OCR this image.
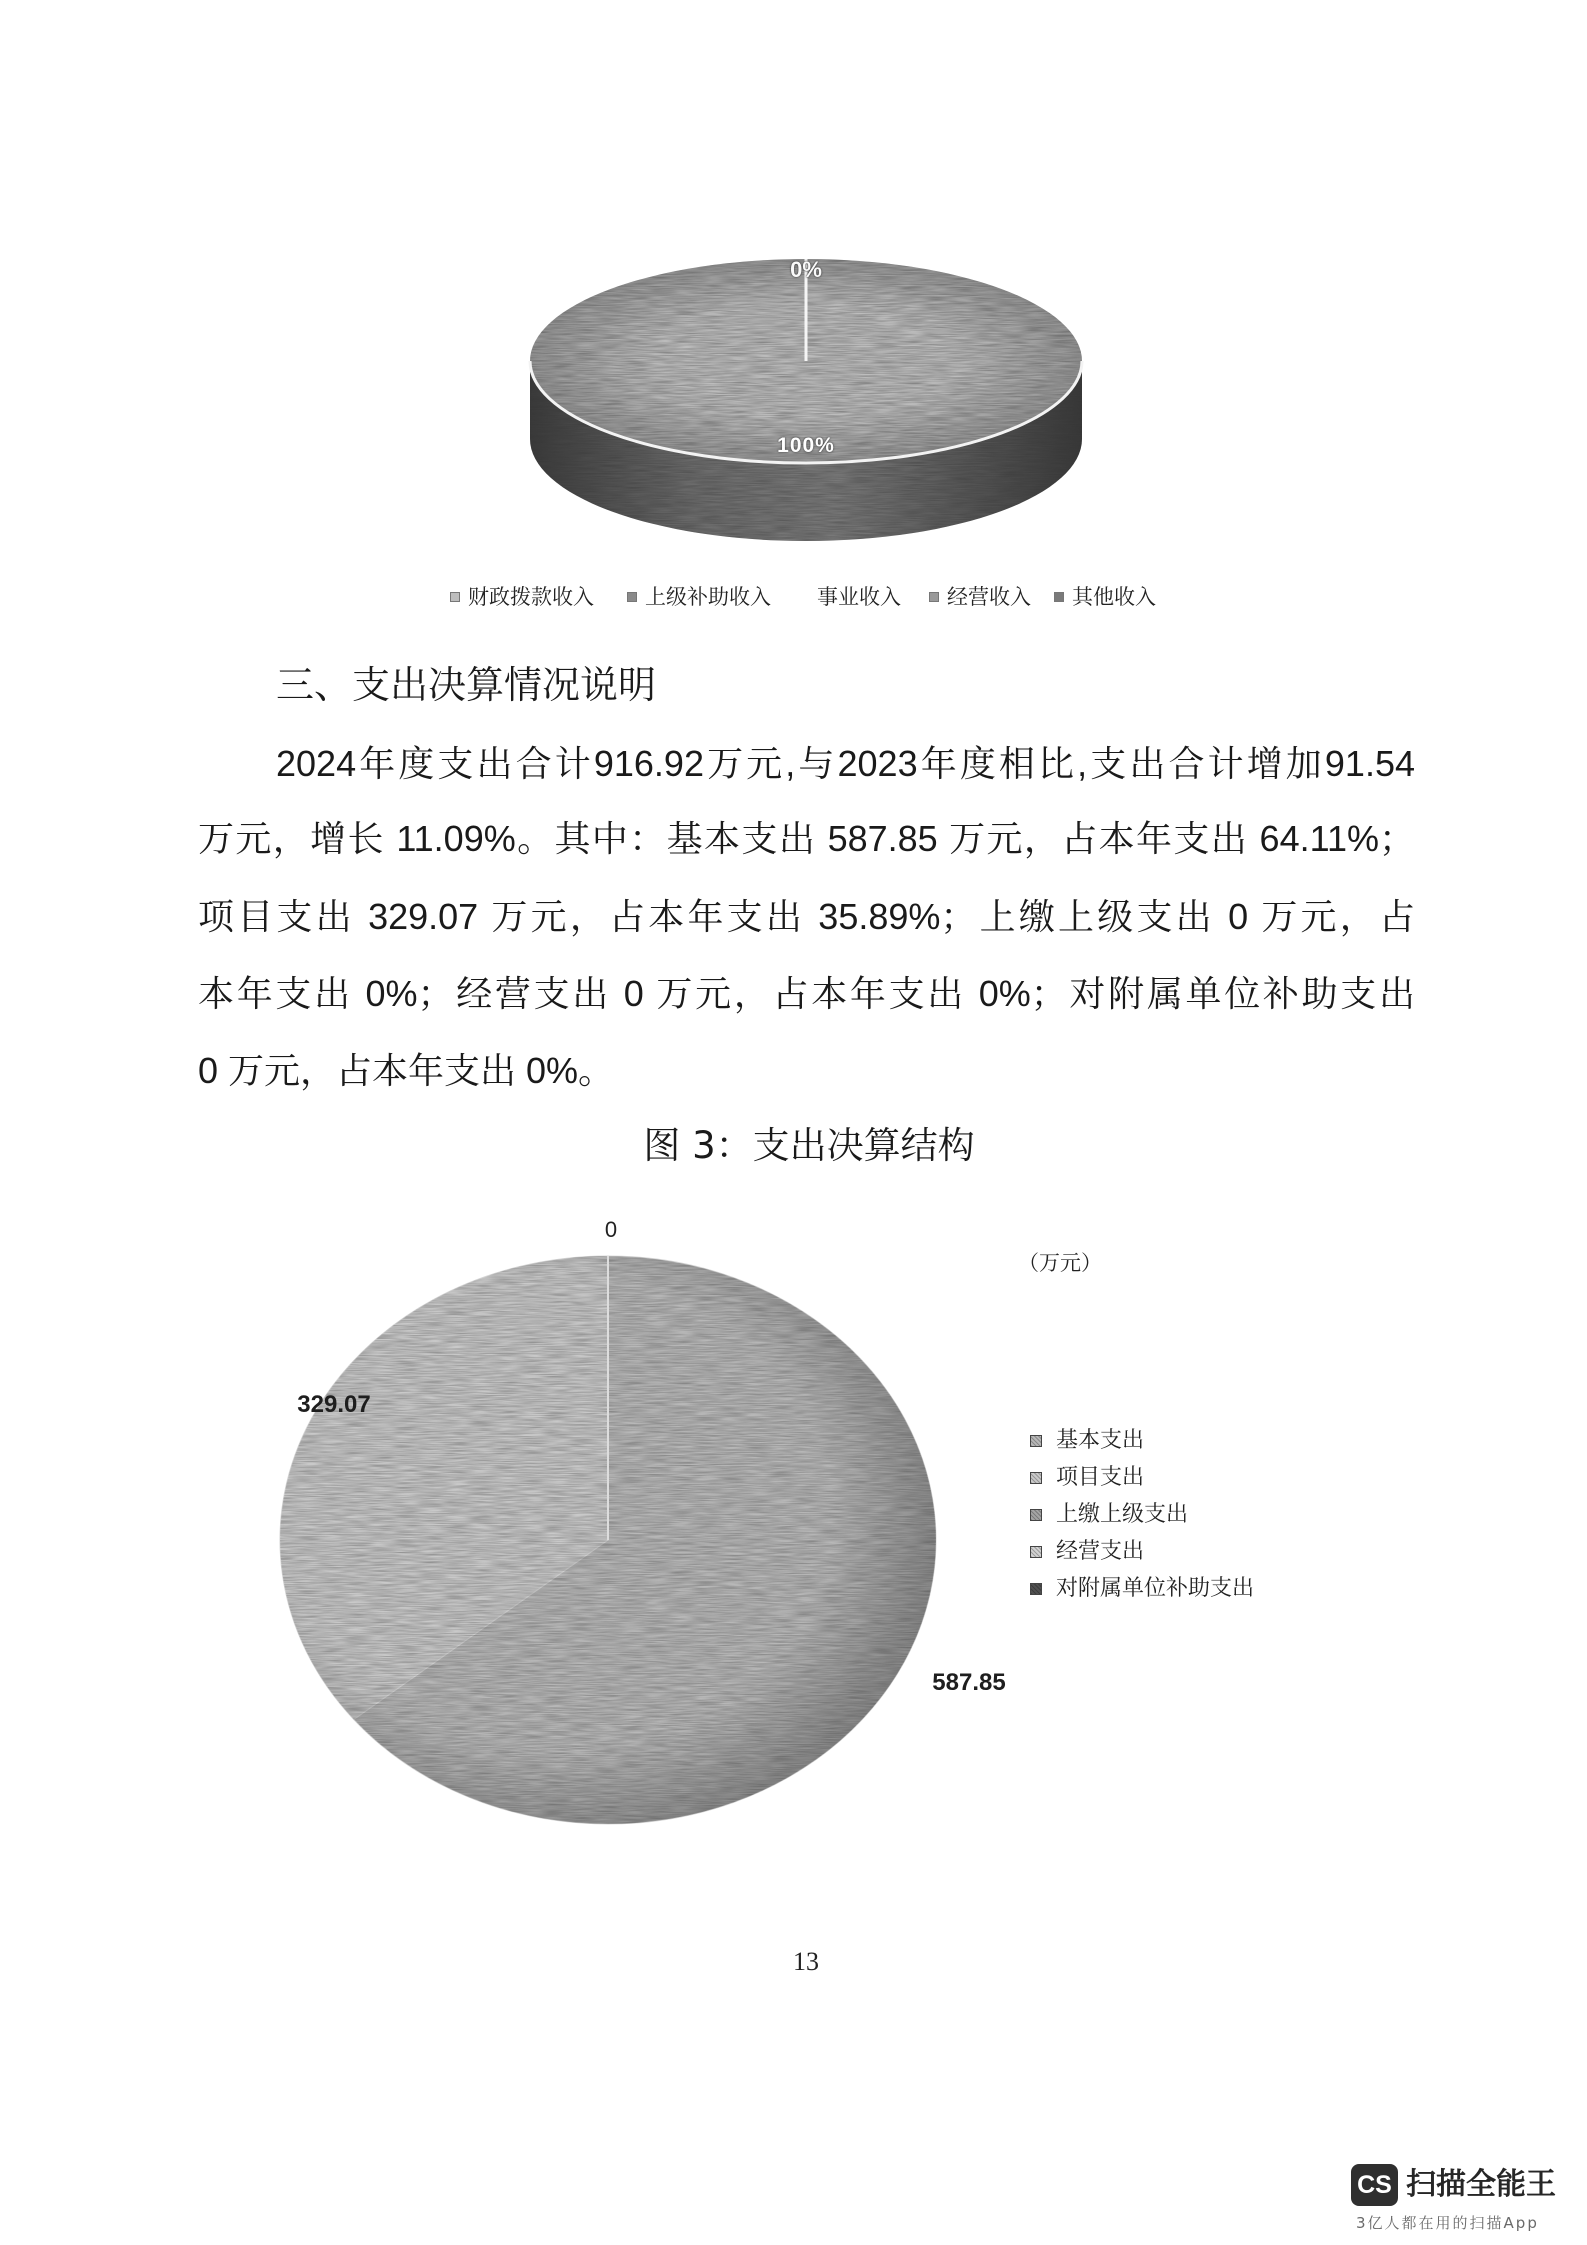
0%
100%
财政拨款收入 上级补助收入 事业收入 经营收入 其他收入
三、支出决算情况说明
2024年度支出合计916.92万元,与2023年度相比,支出合计增加91.54
万元，增长 11.09%。其中：基本支出 587.85 万元，占本年支出 64.11%；
项目支出 329.07 万元，占本年支出 35.89%；上缴上级支出 0 万元，占
本年支出 0%；经营支出 0 万元，占本年支出 0%；对附属单位补助支出
0 万元，占本年支出 0%。
图 3：支出决算结构
0
（万元）
329.07
587.85
基本支出
项目支出
上缴上级支出
经营支出
对附属单位补助支出
13
CS 扫描全能王
3亿人都在用的扫描App
